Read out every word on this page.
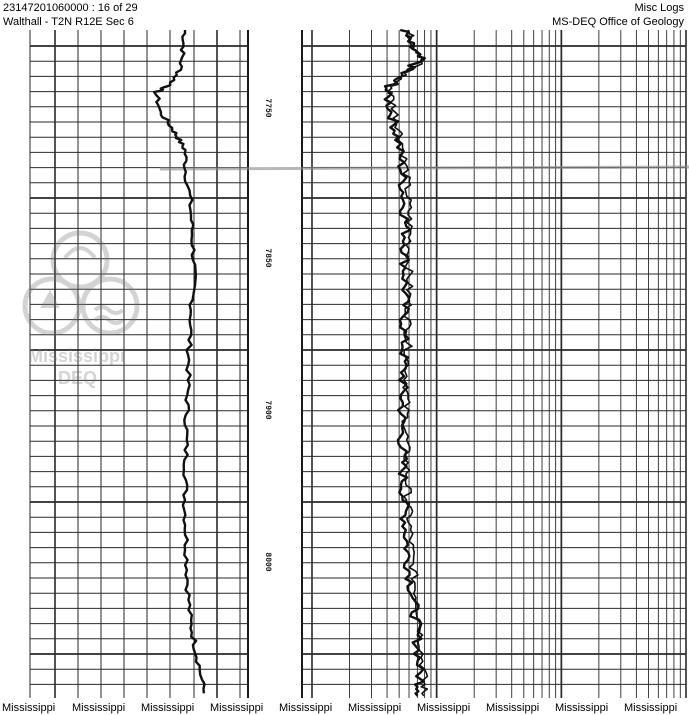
7750
7850
7900
8000
Mississippi
DEQ
23147201060000 : 16 of 29
Walthall - T2N R12E Sec 6
Misc Logs
MS-DEQ Office of Geology
Mississippi Mississippi Mississippi Mississippi Mississippi Mississippi Mississippi Mississippi Mississippi Mississippi
